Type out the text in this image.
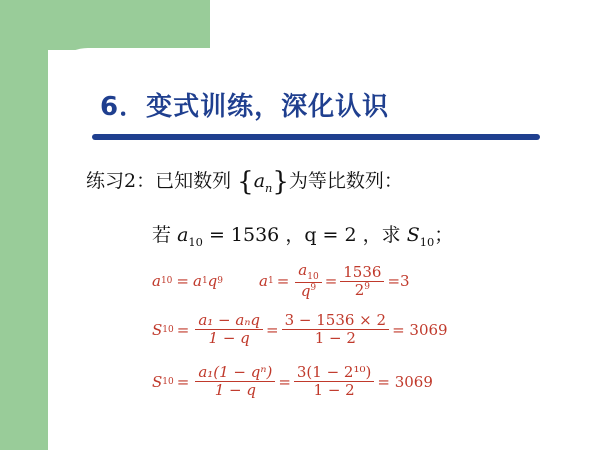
6．变式训练，深化认识
练习2：已知数列 $\{a_n\}$为等比数列：
若 $a_{10} = 1536$ ，q = 2 ，求 $S_{10}$；
a 10 = a 1 q 9 a $1 = \frac{a_{10}}{q^9} = \frac{1536}{2^9} =3$
S $10 = \frac{\text{a₁ − aₙq}}{1 - q} = \frac{3 - 1536 \times 2}{1 - 2} = 3069$
S $10 = \frac{\text{a₁(1 − qⁿ)}}{1 - q} = \frac{\text{3(1 − 2¹⁰)}}{1 - 2} = 3069$
